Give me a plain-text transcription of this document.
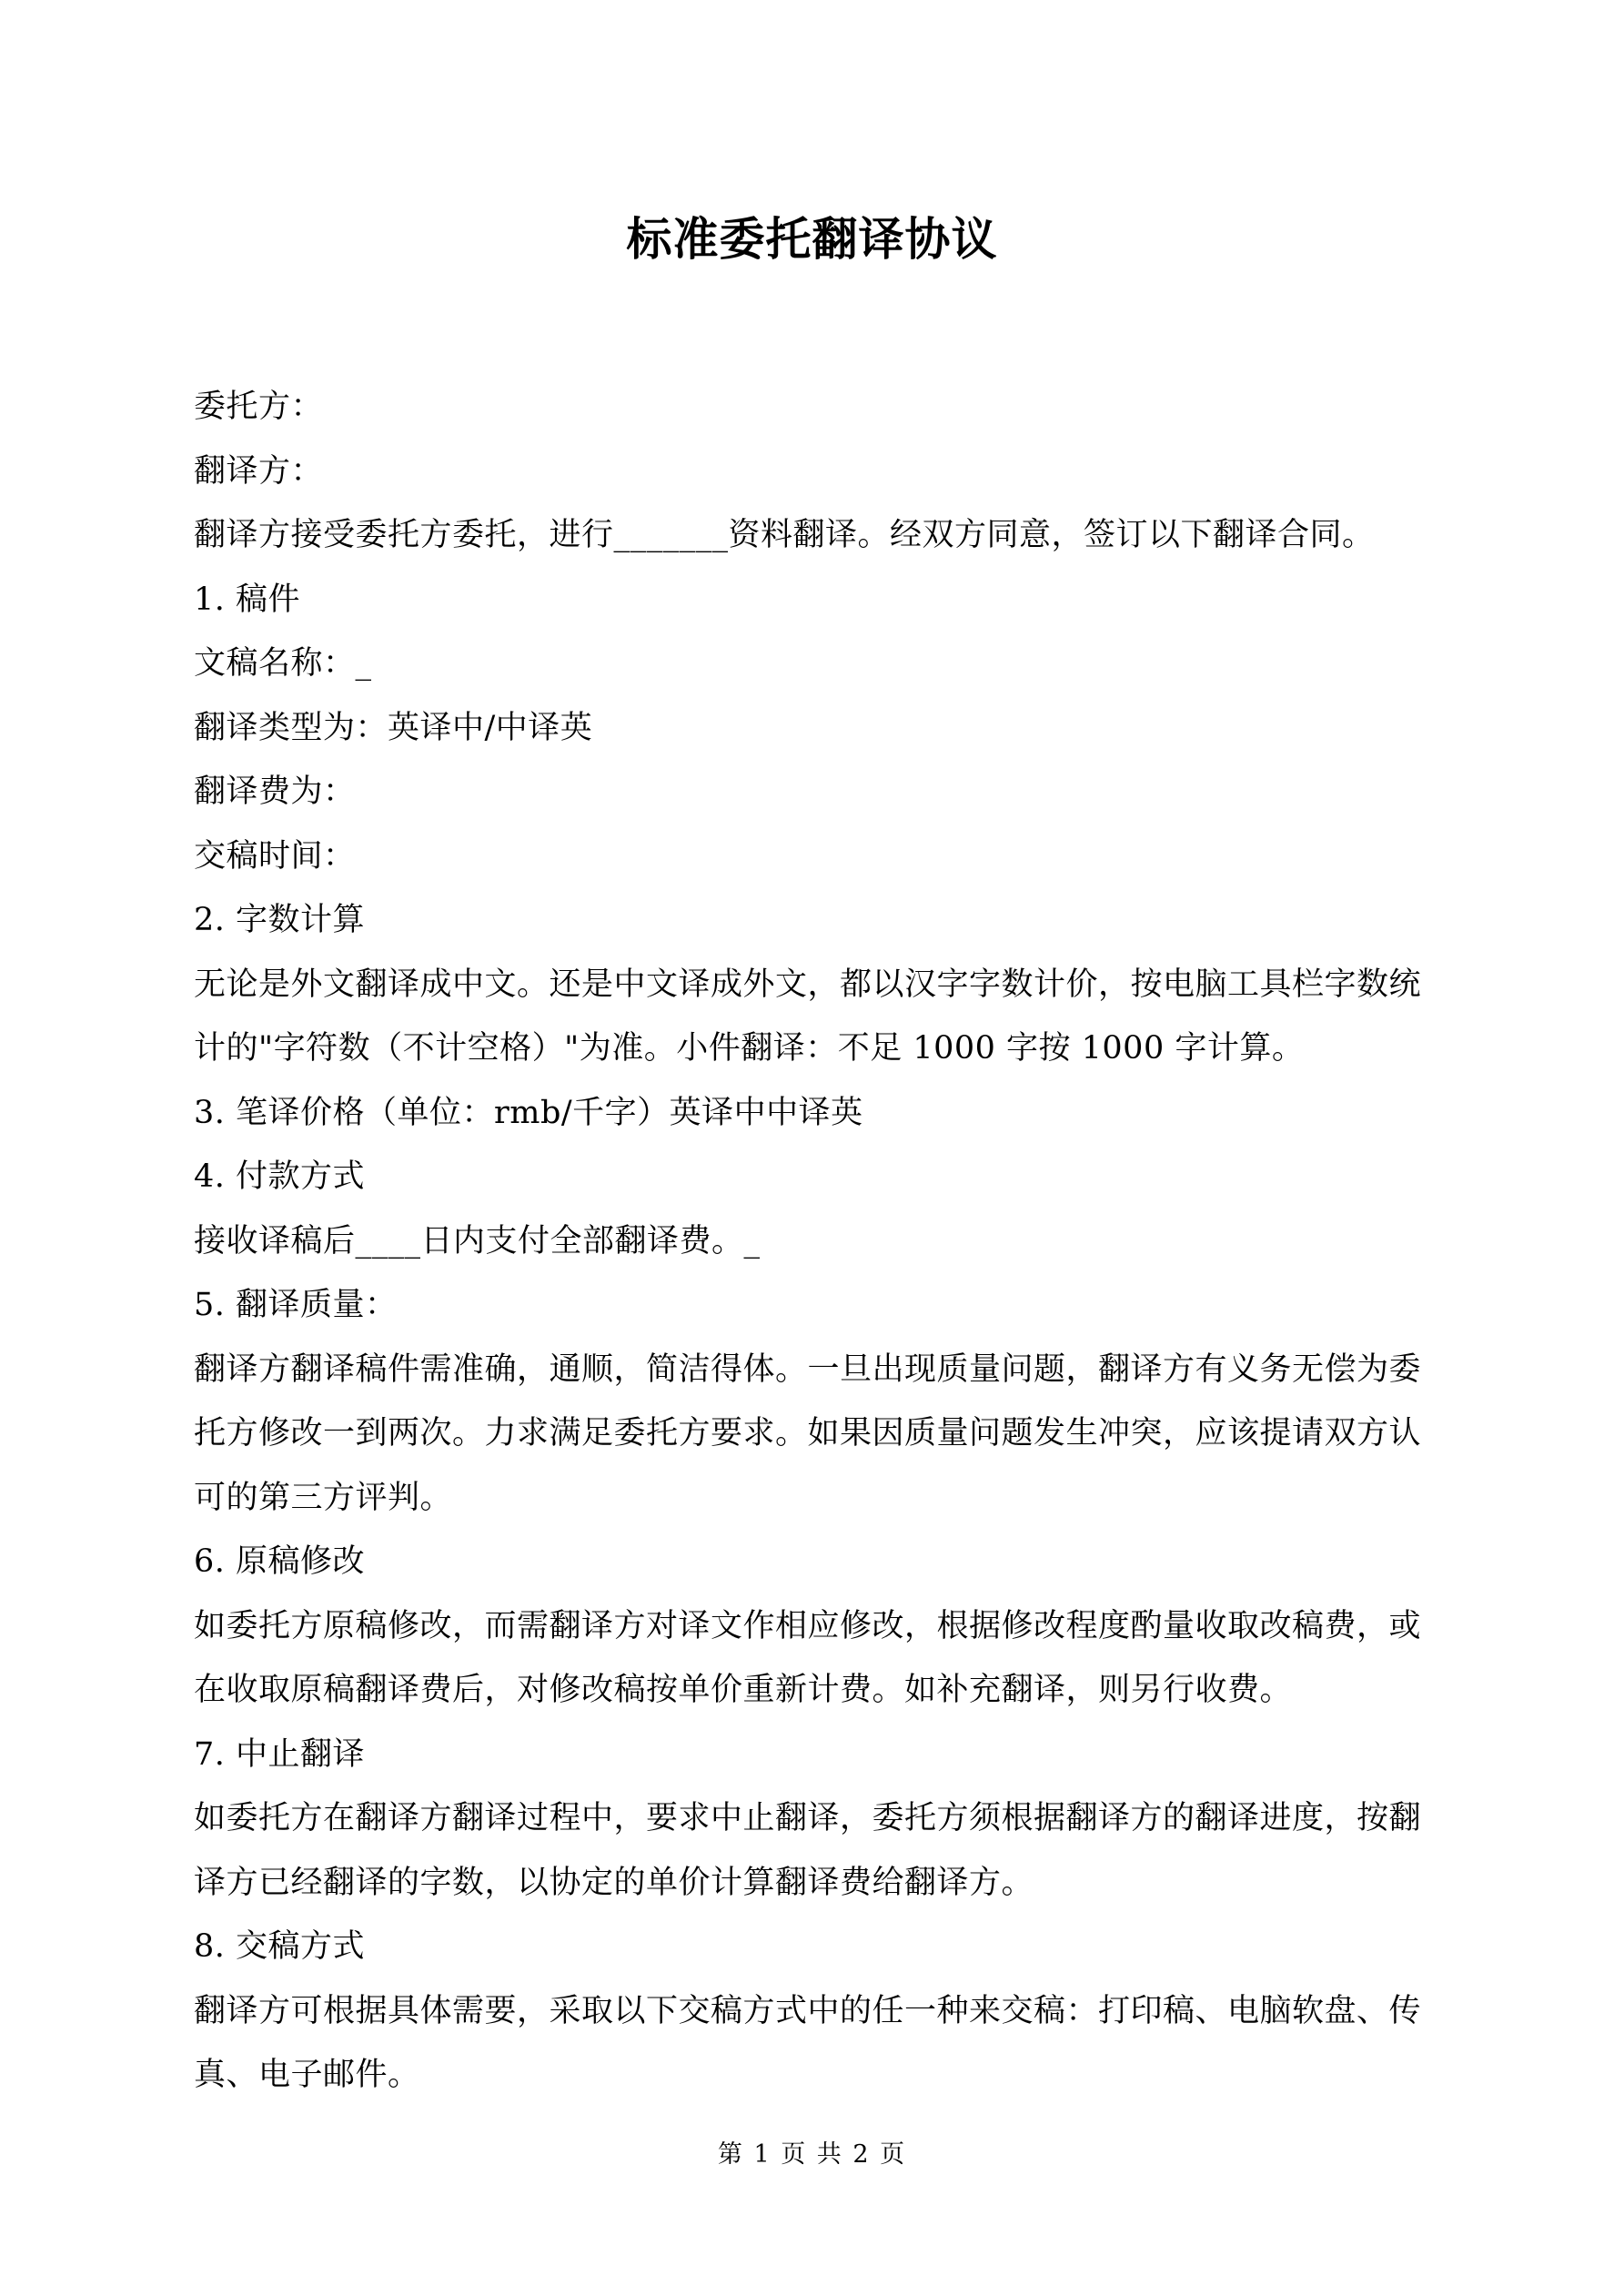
标准委托翻译协议
委托方：
翻译方：
翻译方接受委托方委托，进行_______资料翻译。经双方同意，签订以下翻译合同。
1. 稿件
文稿名称：_
翻译类型为：英译中/中译英
翻译费为：
交稿时间：
2. 字数计算
无论是外文翻译成中文。还是中文译成外文，都以汉字字数计价，按电脑工具栏字数统
计的"字符数（不计空格）"为准。小件翻译：不足 1000 字按 1000 字计算。
3. 笔译价格（单位：rmb/千字）英译中中译英
4. 付款方式
接收译稿后____日内支付全部翻译费。_
5. 翻译质量：
翻译方翻译稿件需准确，通顺，简洁得体。一旦出现质量问题，翻译方有义务无偿为委
托方修改一到两次。力求满足委托方要求。如果因质量问题发生冲突，应该提请双方认
可的第三方评判。
6. 原稿修改
如委托方原稿修改，而需翻译方对译文作相应修改，根据修改程度酌量收取改稿费，或
在收取原稿翻译费后，对修改稿按单价重新计费。如补充翻译，则另行收费。
7. 中止翻译
如委托方在翻译方翻译过程中，要求中止翻译，委托方须根据翻译方的翻译进度，按翻
译方已经翻译的字数，以协定的单价计算翻译费给翻译方。
8. 交稿方式
翻译方可根据具体需要，采取以下交稿方式中的任一种来交稿：打印稿、电脑软盘、传
真、电子邮件。
第 1 页 共 2 页
